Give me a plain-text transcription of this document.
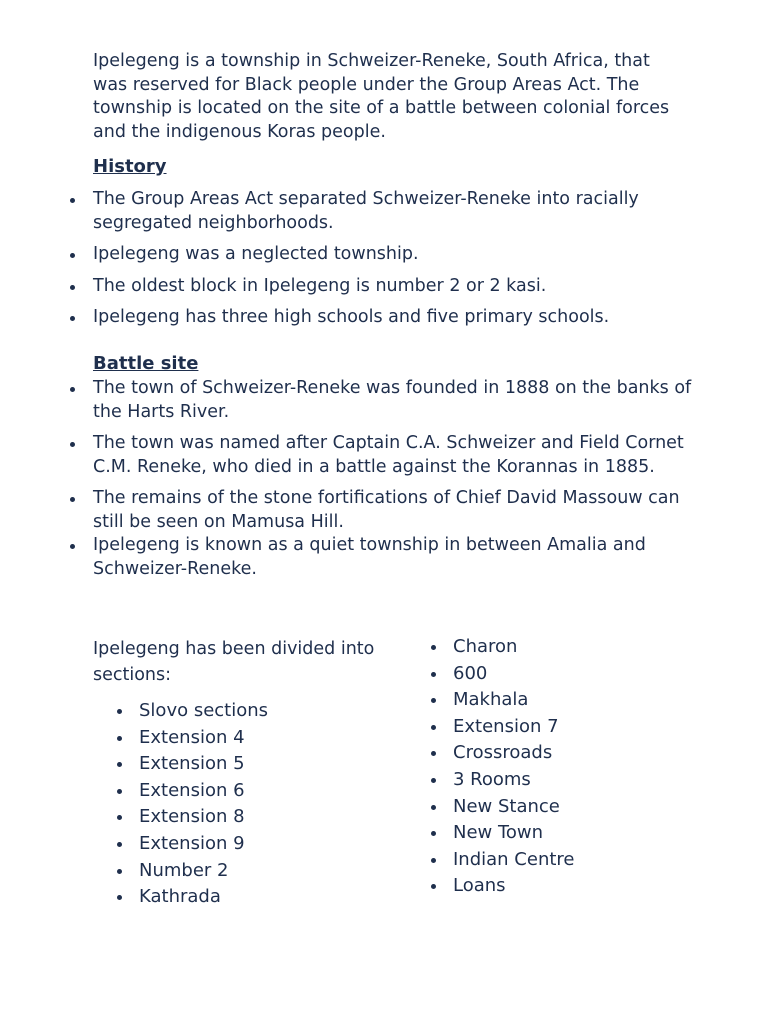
Ipelegeng is a township in Schweizer-Reneke, South Africa, that was reserved for Black people under the Group Areas Act. The township is located on the site of a battle between colonial forces and the indigenous Koras people.

History
The Group Areas Act separated Schweizer-Reneke into racially segregated neighborhoods.
Ipelegeng was a neglected township.
The oldest block in Ipelegeng is number 2 or 2 kasi.
Ipelegeng has three high schools and five primary schools.
Battle site
The town of Schweizer-Reneke was founded in 1888 on the banks of the Harts River.
The town was named after Captain C.A. Schweizer and Field Cornet C.M. Reneke, who died in a battle against the Korannas in 1885.
The remains of the stone fortifications of Chief David Massouw can still be seen on Mamusa Hill.
Ipelegeng is known as a quiet township in between Amalia and Schweizer-Reneke.

Ipelegeng has been divided into sections:

Slovo sections
Extension 4
Extension 5
Extension 6
Extension 8
Extension 9
Number 2
Kathrada
Charon
600
Makhala
Extension 7
Crossroads
3 Rooms
New Stance
New Town
Indian Centre
Loans
